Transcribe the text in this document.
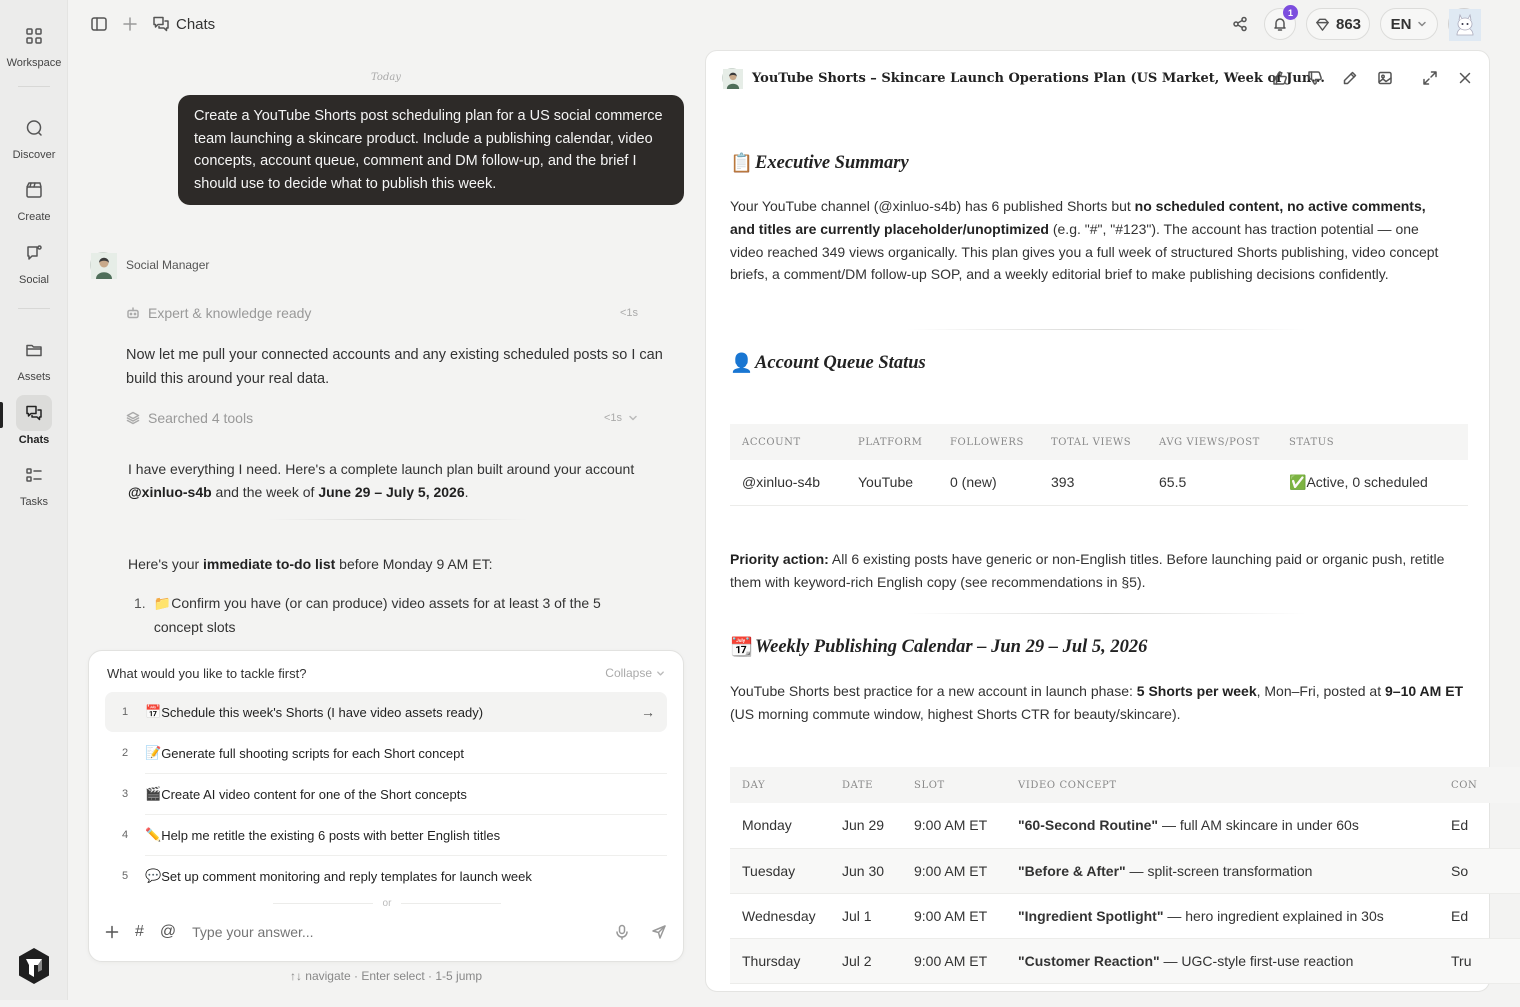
Workspace
Discover
Create
Social
Assets
Chats
Tasks
Chats
1
863 EN
Today
Create a YouTube Shorts post scheduling plan for a US social commerce team launching a skincare product. Include a publishing calendar, video concepts, account queue, comment and DM follow-up, and the brief I should use to decide what to publish this week.
Social Manager
Expert & knowledge ready	<1s
Now let me pull your connected accounts and any existing scheduled posts so I can build this around your real data.
Searched 4 tools	<1s
I have everything I need. Here's a complete launch plan built around your account @xinluo-s4b and the week of June 29 – July 5, 2026.
Here's your immediate to-do list before Monday 9 AM ET:
1. 📁Confirm you have (or can produce) video assets for at least 3 of the 5 concept slots
What would you like to tackle first?	Collapse
1	📅 Schedule this week's Shorts (I have video assets ready)	→
2	📝 Generate full shooting scripts for each Short concept
3	🎬 Create AI video content for one of the Short concepts
4	✏️ Help me retitle the existing 6 posts with better English titles
5	💬 Set up comment monitoring and reply templates for launch week
or
# @
Type your answer...
↑↓ navigate · Enter select · 1-5 jump
YouTube Shorts – Skincare Launch Operations Plan (US Market, Week of Jun...
📋 Executive Summary
Your YouTube channel (@xinluo-s4b) has 6 published Shorts but no scheduled content, no active comments, and titles are currently placeholder/unoptimized (e.g. "#", "#123"). The account has traction potential — one video reached 349 views organically. This plan gives you a full week of structured Shorts publishing, video concept briefs, a comment/DM follow-up SOP, and a weekly editorial brief to make publishing decisions confidently.
👤 Account Queue Status
ACCOUNT	PLATFORM	FOLLOWERS	TOTAL VIEWS	AVG VIEWS/POST	STATUS
@xinluo-s4b	YouTube	0 (new)	393	65.5	✅Active, 0 scheduled
Priority action: All 6 existing posts have generic or non-English titles. Before launching paid or organic push, retitle them with keyword-rich English copy (see recommendations in §5).
📆 Weekly Publishing Calendar – Jun 29 – Jul 5, 2026
YouTube Shorts best practice for a new account in launch phase: 5 Shorts per week, Mon–Fri, posted at 9–10 AM ET (US morning commute window, highest Shorts CTR for beauty/skincare).
DAY	DATE	SLOT	VIDEO CONCEPT	CON
Monday	Jun 29	9:00 AM ET	"60-Second Routine" — full AM skincare in under 60s	Ed
Tuesday	Jun 30	9:00 AM ET	"Before & After" — split-screen transformation	So
Wednesday	Jul 1	9:00 AM ET	"Ingredient Spotlight" — hero ingredient explained in 30s	Ed
Thursday	Jul 2	9:00 AM ET	"Customer Reaction" — UGC-style first-use reaction	Tru
